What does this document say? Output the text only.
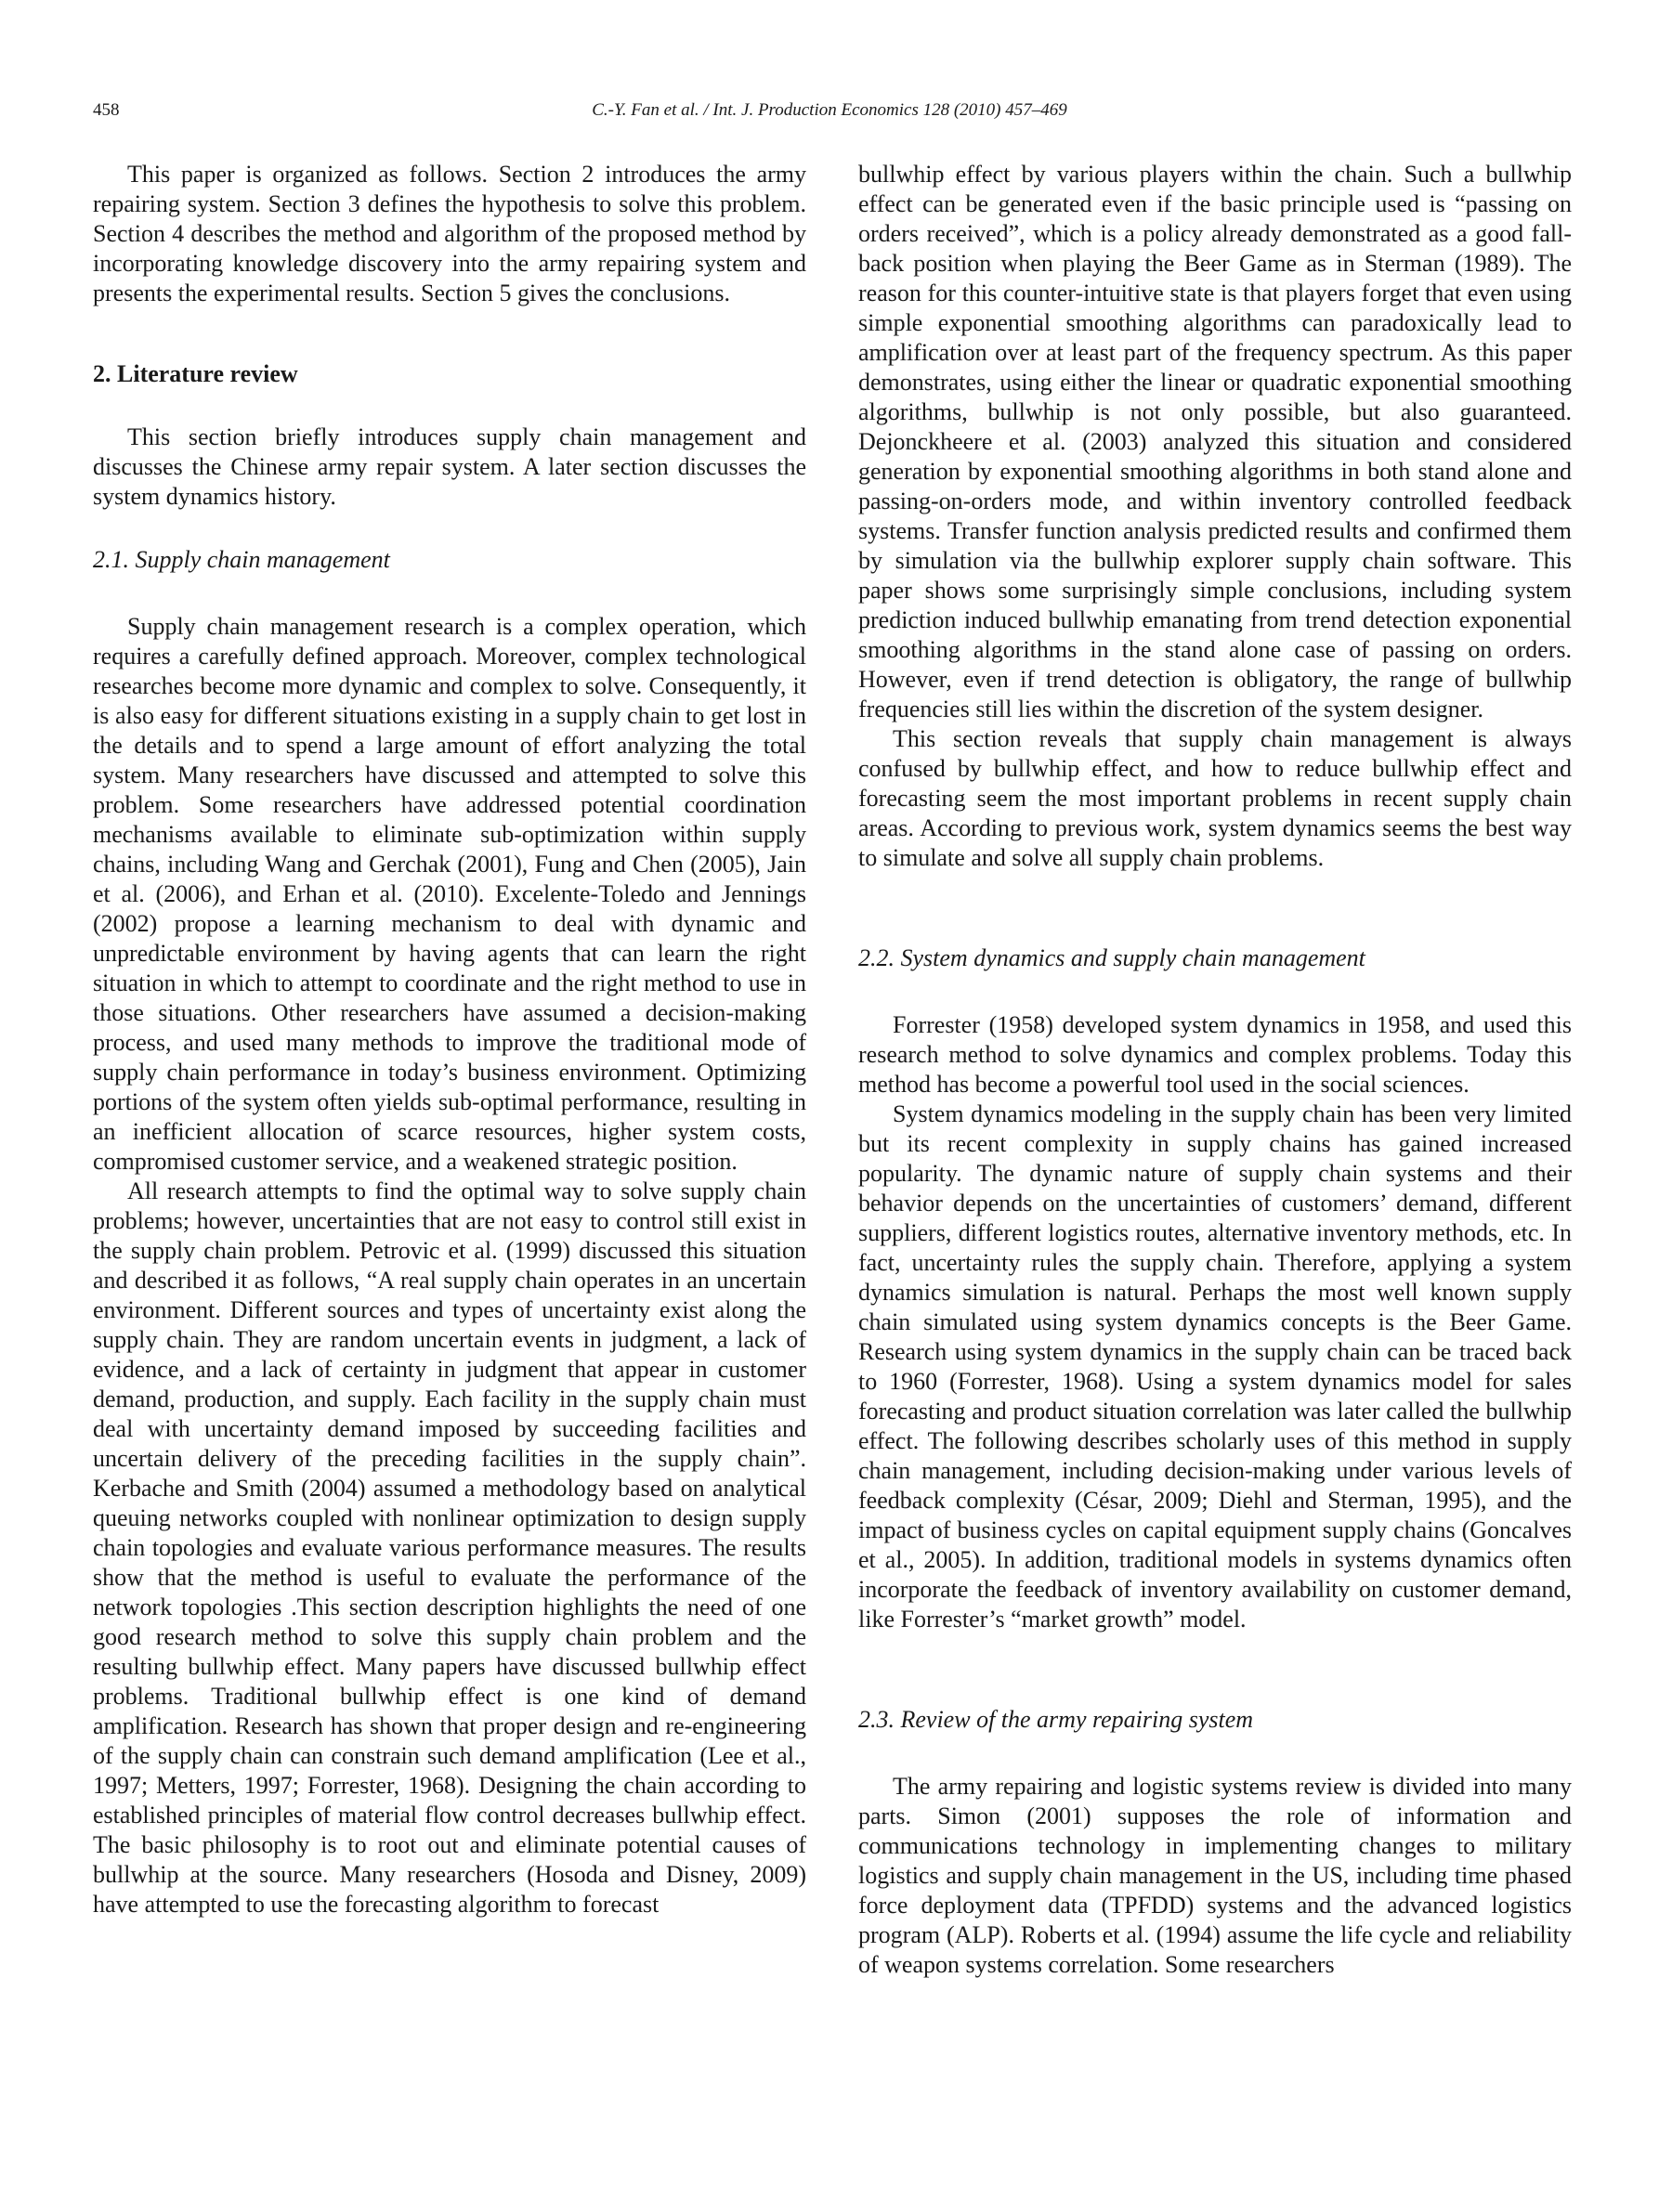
458	C.-Y. Fan et al. / Int. J. Production Economics 128 (2010) 457–469

This paper is organized as follows. Section 2 introduces the army repairing system. Section 3 defines the hypothesis to solve this problem. Section 4 describes the method and algorithm of the proposed method by incorporating knowledge discovery into the army repairing system and presents the experimental results. Section 5 gives the conclusions.

2. Literature review

This section briefly introduces supply chain management and discusses the Chinese army repair system. A later section discusses the system dynamics history.

2.1. Supply chain management

Supply chain management research is a complex operation, which requires a carefully defined approach. Moreover, complex technological researches become more dynamic and complex to solve. Consequently, it is also easy for different situations existing in a supply chain to get lost in the details and to spend a large amount of effort analyzing the total system. Many researchers have discussed and attempted to solve this problem. Some researchers have addressed potential coordination mechanisms available to eliminate sub-optimization within supply chains, including Wang and Gerchak (2001), Fung and Chen (2005), Jain et al. (2006), and Erhan et al. (2010). Excelente-Toledo and Jennings (2002) propose a learning mechanism to deal with dynamic and unpredictable environment by having agents that can learn the right situation in which to attempt to coordinate and the right method to use in those situations. Other researchers have assumed a decision-making process, and used many methods to improve the traditional mode of supply chain performance in today’s business environment. Optimizing portions of the system often yields sub-optimal performance, resulting in an inefficient allocation of scarce resources, higher system costs, compromised customer service, and a weakened strategic position.

All research attempts to find the optimal way to solve supply chain problems; however, uncertainties that are not easy to control still exist in the supply chain problem. Petrovic et al. (1999) discussed this situation and described it as follows, “A real supply chain operates in an uncertain environment. Different sources and types of uncertainty exist along the supply chain. They are random uncertain events in judgment, a lack of evidence, and a lack of certainty in judgment that appear in customer demand, production, and supply. Each facility in the supply chain must deal with uncertainty demand imposed by succeeding facilities and uncertain delivery of the preceding facilities in the supply chain”. Kerbache and Smith (2004) assumed a methodology based on analytical queuing networks coupled with nonlinear optimization to design supply chain topologies and evaluate various performance measures. The results show that the method is useful to evaluate the performance of the network topologies .This section description highlights the need of one good research method to solve this supply chain problem and the resulting bullwhip effect. Many papers have discussed bullwhip effect problems. Traditional bullwhip effect is one kind of demand amplification. Research has shown that proper design and re-engineering of the supply chain can constrain such demand amplification (Lee et al., 1997; Metters, 1997; Forrester, 1968). Designing the chain according to established principles of material flow control decreases bullwhip effect. The basic philosophy is to root out and eliminate potential causes of bullwhip at the source. Many researchers (Hosoda and Disney, 2009) have attempted to use the forecasting algorithm to forecast

bullwhip effect by various players within the chain. Such a bullwhip effect can be generated even if the basic principle used is “passing on orders received”, which is a policy already demonstrated as a good fall-back position when playing the Beer Game as in Sterman (1989). The reason for this counter-intuitive state is that players forget that even using simple exponential smoothing algorithms can paradoxically lead to amplification over at least part of the frequency spectrum. As this paper demonstrates, using either the linear or quadratic exponential smoothing algorithms, bullwhip is not only possible, but also guaranteed. Dejonckheere et al. (2003) analyzed this situation and considered generation by exponential smoothing algorithms in both stand alone and passing-on-orders mode, and within inventory controlled feedback systems. Transfer function analysis predicted results and confirmed them by simulation via the bullwhip explorer supply chain software. This paper shows some surprisingly simple conclusions, including system prediction induced bullwhip emanating from trend detection exponential smoothing algorithms in the stand alone case of passing on orders. However, even if trend detection is obligatory, the range of bullwhip frequencies still lies within the discretion of the system designer.

This section reveals that supply chain management is always confused by bullwhip effect, and how to reduce bullwhip effect and forecasting seem the most important problems in recent supply chain areas. According to previous work, system dynamics seems the best way to simulate and solve all supply chain problems.

2.2. System dynamics and supply chain management

Forrester (1958) developed system dynamics in 1958, and used this research method to solve dynamics and complex problems. Today this method has become a powerful tool used in the social sciences.

System dynamics modeling in the supply chain has been very limited but its recent complexity in supply chains has gained increased popularity. The dynamic nature of supply chain systems and their behavior depends on the uncertainties of customers’ demand, different suppliers, different logistics routes, alternative inventory methods, etc. In fact, uncertainty rules the supply chain. Therefore, applying a system dynamics simulation is natural. Perhaps the most well known supply chain simulated using system dynamics concepts is the Beer Game. Research using system dynamics in the supply chain can be traced back to 1960 (Forrester, 1968). Using a system dynamics model for sales forecasting and product situation correlation was later called the bullwhip effect. The following describes scholarly uses of this method in supply chain management, including decision-making under various levels of feedback complexity (César, 2009; Diehl and Sterman, 1995), and the impact of business cycles on capital equipment supply chains (Goncalves et al., 2005). In addition, traditional models in systems dynamics often incorporate the feedback of inventory availability on customer demand, like Forrester’s “market growth” model.

2.3. Review of the army repairing system

The army repairing and logistic systems review is divided into many parts. Simon (2001) supposes the role of information and communications technology in implementing changes to military logistics and supply chain management in the US, including time phased force deployment data (TPFDD) systems and the advanced logistics program (ALP). Roberts et al. (1994) assume the life cycle and reliability of weapon systems correlation. Some researchers
